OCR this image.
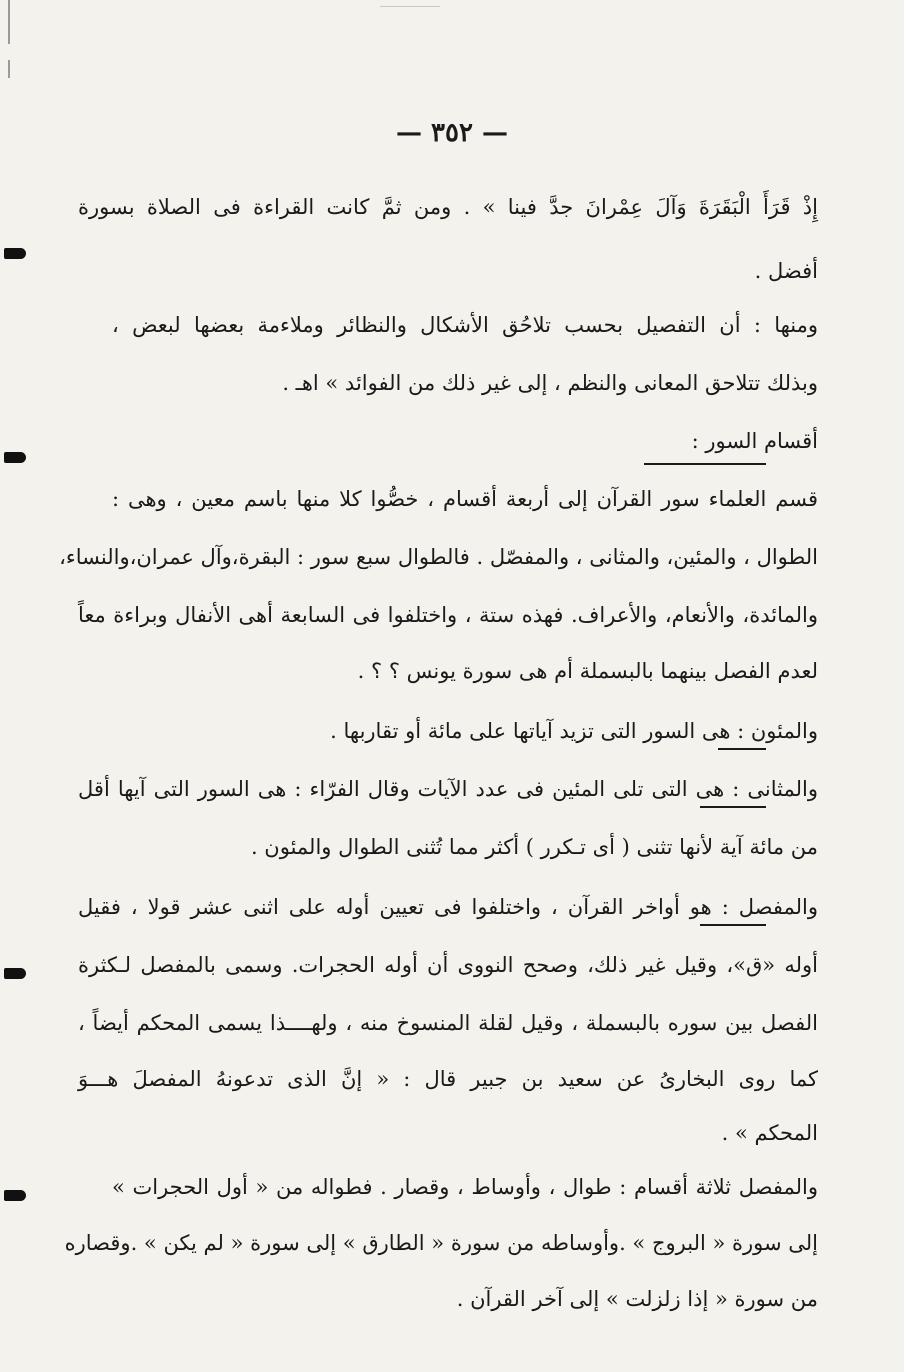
— ٣٥٢ —
إِذْ قَرَأَ الْبَقَرَةَ وَآلَ عِمْرانَ جدَّ فينا » . ومن ثمَّ كانت القراءة فى الصلاة بسورة
أفضل .
ومنها : أن التفصيل بحسب تلاحُق الأشكال والنظائر وملاءمة بعضها لبعض ،
وبذلك تتلاحق المعانى والنظم ، إلى غير ذلك من الفوائد » اهـ .
أقسام السور :
قسم العلماء سور القرآن إلى أربعة أقسام ، خصُّوا كلا منها باسم معين ، وهى :
الطوال ، والمئين، والمثانى ، والمفصّل . فالطوال سبع سور : البقرة،وآل عمران،والنساء،
والمائدة، والأنعام، والأعراف. فهذه ستة ، واختلفوا فى السابعة أهى الأنفال وبراءة معاً
لعدم الفصل بينهما بالبسملة أم هى سورة يونس ؟ ؟ .
والمئون : هى السور التى تزيد آياتها على مائة أو تقاربها .
والمثانى : هى التى تلى المئين فى عدد الآيات وقال الفرّاء : هى السور التى آيها أقل
من مائة آية لأنها تثنى ( أى تـكرر ) أكثر مما تُثنى الطوال والمئون .
والمفصل : هو أواخر القرآن ، واختلفوا فى تعيين أوله على اثنى عشر قولا ، فقيل
أوله «ق»، وقيل غير ذلك، وصحح النووى أن أوله الحجرات. وسمى بالمفصل لـكثرة
الفصل بين سوره بالبسملة ، وقيل لقلة المنسوخ منه ، ولهــــذا يسمى المحكم أيضاً ،
كما روى البخارىُ عن سعيد بن جبير قال : « إنَّ الذى تدعونهُ المفصلَ هـــوَ
المحكم » .
والمفصل ثلاثة أقسام : طوال ، وأوساط ، وقصار . فطواله من « أول الحجرات »
إلى سورة « البروج » .وأوساطه من سورة « الطارق » إلى سورة « لم يكن » .وقصاره
من سورة « إذا زلزلت » إلى آخر القرآن .
